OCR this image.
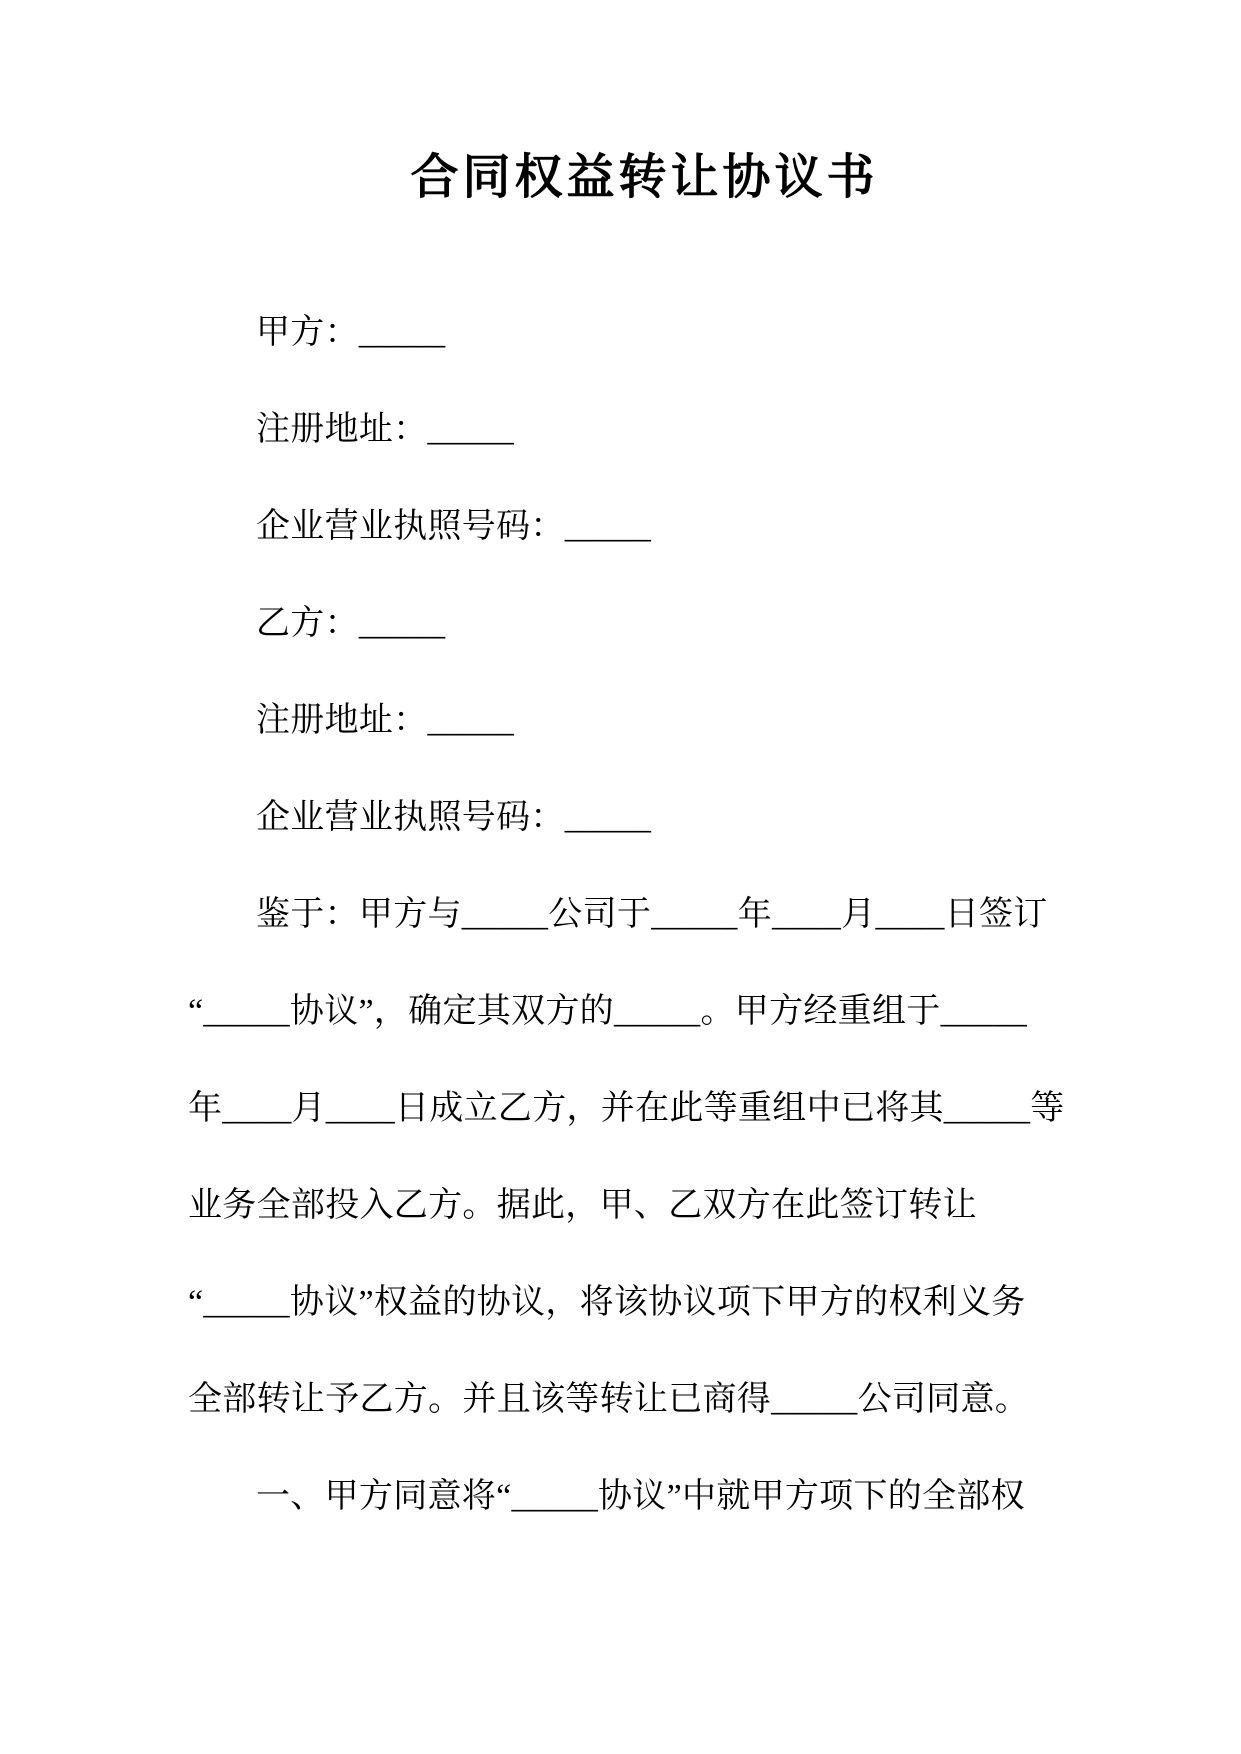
合同权益转让协议书
甲方：_____
注册地址：_____
企业营业执照号码：_____
乙方：_____
注册地址：_____
企业营业执照号码：_____
鉴于：甲方与_____公司于_____年____月____日签订
“_____协议”，确定其双方的_____。甲方经重组于_____
年____月____日成立乙方，并在此等重组中已将其_____等
业务全部投入乙方。据此，甲、乙双方在此签订转让
“_____协议”权益的协议，将该协议项下甲方的权利义务
全部转让予乙方。并且该等转让已商得_____公司同意。
一、甲方同意将“_____协议”中就甲方项下的全部权
